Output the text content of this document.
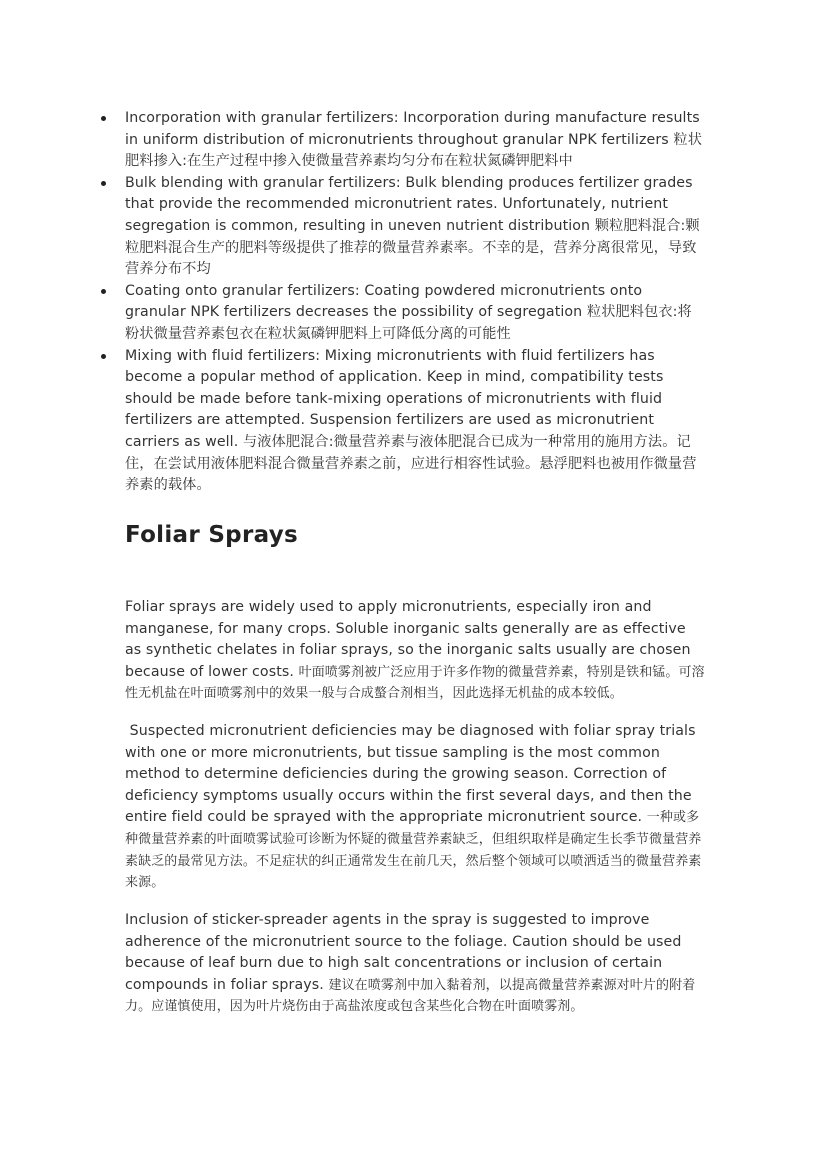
Incorporation with granular fertilizers: Incorporation during manufacture results in uniform distribution of micronutrients throughout granular NPK fertilizers 粒状肥料掺入:在生产过程中掺入使微量营养素均匀分布在粒状氮磷钾肥料中
Bulk blending with granular fertilizers: Bulk blending produces fertilizer grades that provide the recommended micronutrient rates. Unfortunately, nutrient segregation is common, resulting in uneven nutrient distribution 颗粒肥料混合:颗粒肥料混合生产的肥料等级提供了推荐的微量营养素率。不幸的是，营养分离很常见，导致营养分布不均
Coating onto granular fertilizers: Coating powdered micronutrients onto granular NPK fertilizers decreases the possibility of segregation 粒状肥料包衣:将粉状微量营养素包衣在粒状氮磷钾肥料上可降低分离的可能性
Mixing with fluid fertilizers: Mixing micronutrients with fluid fertilizers has become a popular method of application. Keep in mind, compatibility tests should be made before tank-mixing operations of micronutrients with fluid fertilizers are attempted. Suspension fertilizers are used as micronutrient carriers as well. 与液体肥混合:微量营养素与液体肥混合已成为一种常用的施用方法。记住，在尝试用液体肥料混合微量营养素之前，应进行相容性试验。悬浮肥料也被用作微量营养素的载体。
Foliar Sprays

Foliar sprays are widely used to apply micronutrients, especially iron and manganese, for many crops. Soluble inorganic salts generally are as effective as synthetic chelates in foliar sprays, so the inorganic salts usually are chosen because of lower costs. 叶面喷雾剂被广泛应用于许多作物的微量营养素，特别是铁和锰。可溶性无机盐在叶面喷雾剂中的效果一般与合成螯合剂相当，因此选择无机盐的成本较低。

Suspected micronutrient deficiencies may be diagnosed with foliar spray trials with one or more micronutrients, but tissue sampling is the most common method to determine deficiencies during the growing season. Correction of deficiency symptoms usually occurs within the first several days, and then the entire field could be sprayed with the appropriate micronutrient source. 一种或多种微量营养素的叶面喷雾试验可诊断为怀疑的微量营养素缺乏，但组织取样是确定生长季节微量营养素缺乏的最常见方法。不足症状的纠正通常发生在前几天，然后整个领域可以喷洒适当的微量营养素来源。

Inclusion of sticker-spreader agents in the spray is suggested to improve adherence of the micronutrient source to the foliage. Caution should be used because of leaf burn due to high salt concentrations or inclusion of certain compounds in foliar sprays. 建议在喷雾剂中加入黏着剂，以提高微量营养素源对叶片的附着力。应谨慎使用，因为叶片烧伤由于高盐浓度或包含某些化合物在叶面喷雾剂。
